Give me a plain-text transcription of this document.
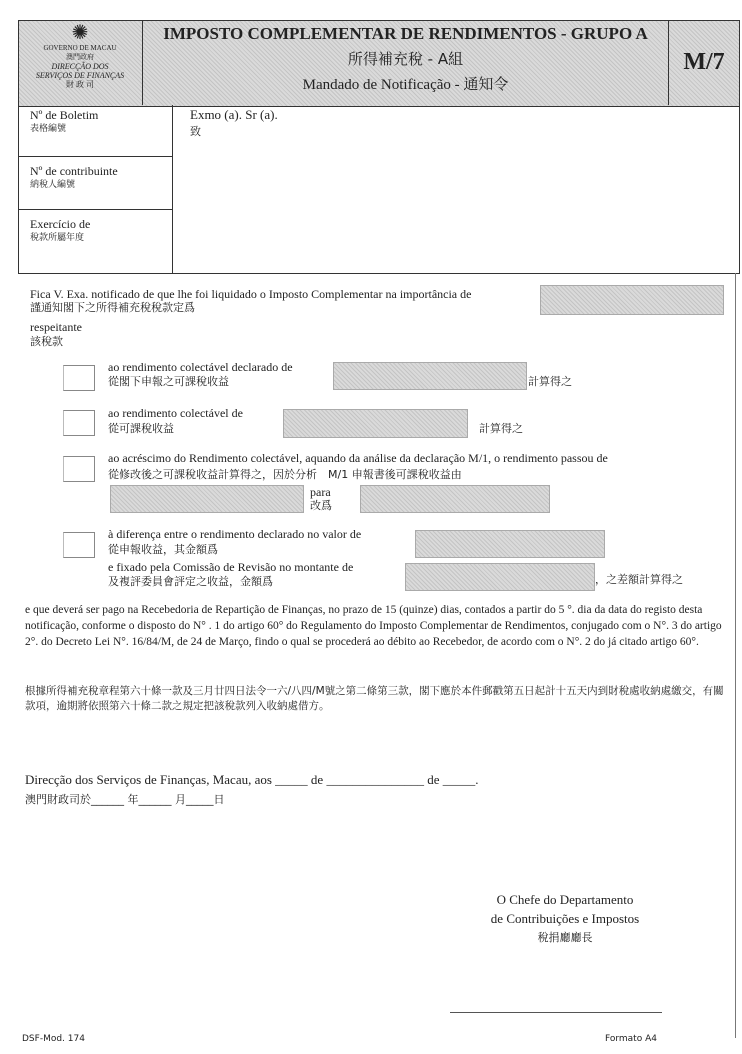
✺
GOVERNO DE MACAU
澳門政府
DIRECÇÃO DOS
SERVIÇOS DE FINANÇAS
財 政 司
IMPOSTO COMPLEMENTAR DE RENDIMENTOS - GRUPO A
所得補充稅 - A組
Mandado de Notificação - 通知令
M/7
Nº de Boletim
表格編號
Nº de contribuinte
納稅人編號
Exercício de
稅款所屬年度
Exmo (a). Sr (a).
致
Fica V. Exa. notificado de que lhe foi liquidado o Imposto Complementar na importância de
謹通知閣下之所得補充稅稅款定爲
respeitante
該稅款
ao rendimento colectável declarado de
從閣下申報之可課稅收益	計算得之
ao rendimento colectável de
從可課稅收益	計算得之
ao acréscimo do Rendimento colectável, aquando da análise da declaração M/1, o rendimento passou de
從修改後之可課稅收益計算得之，因於分析　M/1 申報書後可課稅收益由
para
改爲
à diferença entre o rendimento declarado no valor de
從申報收益，其金額爲
e fixado pela Comissão de Revisão no montante de
及複評委員會評定之收益，金額爲	，之差額計算得之
e que deverá ser pago na Recebedoria de Repartição de Finanças, no prazo de 15 (quinze) dias, contados a partir do 5 °. dia da data do registo desta notificação, conforme o disposto do N° . 1 do artigo 60° do Regulamento do Imposto Complementar de Rendimentos, conjugado com o N°. 3 do artigo 2°. do Decreto Lei N°. 16/84/M, de 24 de Março, findo o qual se procederá ao débito ao Recebedor, de acordo com o N°. 2 do já citado artigo 60°.
根據所得補充稅章程第六十條一款及三月廿四日法令一六/八四/M號之第二條第三款，閣下應於本件郵戳第五日起計十五天内到財稅處收納處繳交，有關款項，逾期將依照第六十條二款之規定把該稅款列入收納處借方。
Direcção dos Serviços de Finanças, Macau, aos _____ de _______________ de _____.
澳門財政司於______ 年______ 月_____日
O Chefe do Departamento
de Contribuições e Impostos
稅捐廳廳長
DSF-Mod. 174	Formato A4
